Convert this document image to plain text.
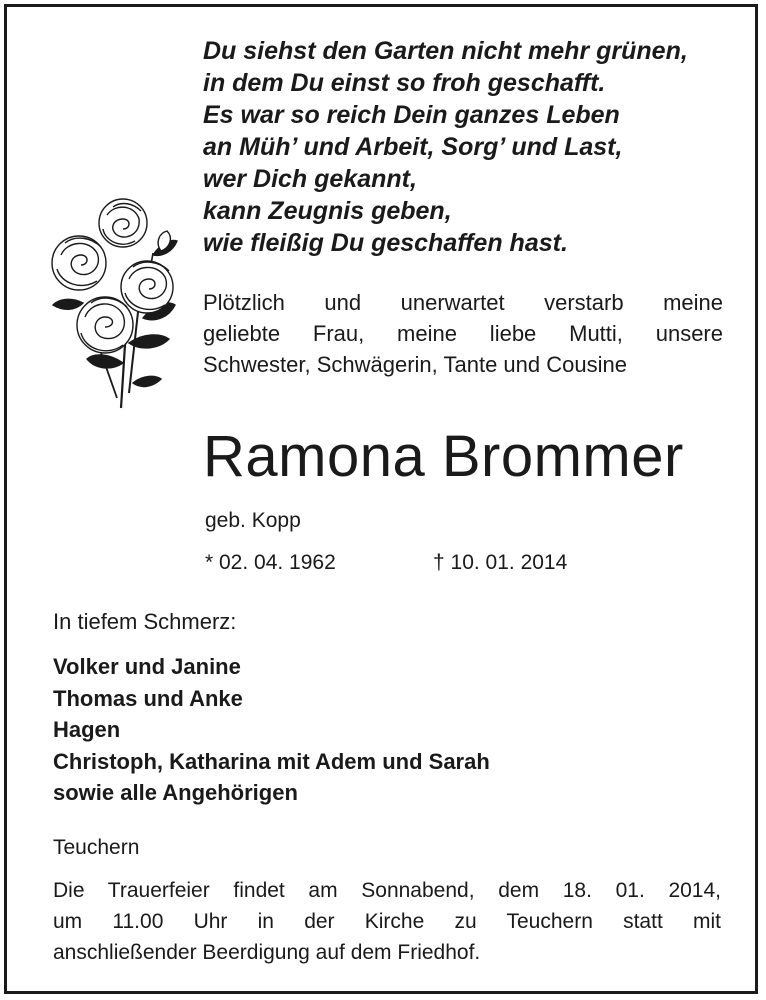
Du siehst den Garten nicht mehr grünen,
in dem Du einst so froh geschafft.
Es war so reich Dein ganzes Leben
an Müh’ und Arbeit, Sorg’ und Last,
wer Dich gekannt,
kann Zeugnis geben,
wie fleißig Du geschaffen hast.
Plötzlich und unerwartet verstarb meine
geliebte Frau, meine liebe Mutti, unsere
Schwester, Schwägerin, Tante und Cousine
Ramona Brommer
geb. Kopp
* 02. 04. 1962	† 10. 01. 2014
In tiefem Schmerz:
Volker und Janine
Thomas und Anke
Hagen
Christoph, Katharina mit Adem und Sarah
sowie alle Angehörigen
Teuchern
Die Trauerfeier findet am Sonnabend, dem 18. 01. 2014,
um 11.00 Uhr in der Kirche zu Teuchern statt mit
anschließender Beerdigung auf dem Friedhof.
